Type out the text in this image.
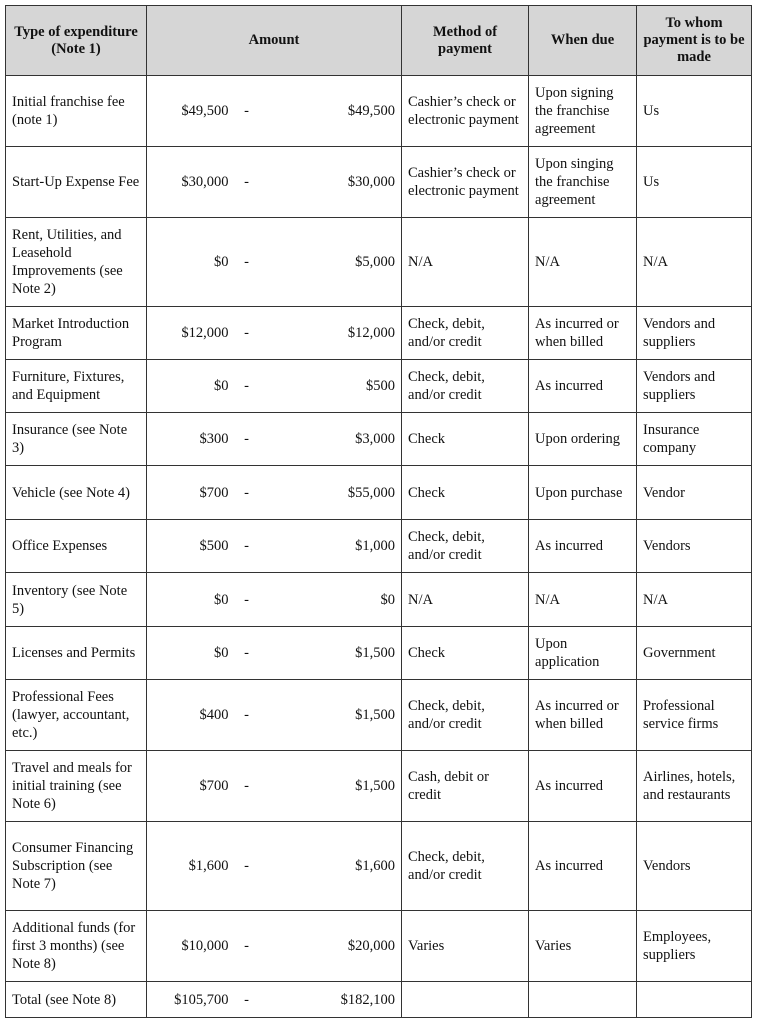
Type of expenditure (Note 1)	Amount			Method of payment	When due	To whom payment is to be made
Initial franchise fee (note 1)	$49,500	-	$49,500	Cashier’s check or electronic payment	Upon signing the franchise agreement	Us
Start-Up Expense Fee	$30,000	-	$30,000	Cashier’s check or electronic payment	Upon singing the franchise agreement	Us
Rent, Utilities, and Leasehold Improvements (see Note 2)	$0	-	$5,000	N/A	N/A	N/A
Market Introduction Program	$12,000	-	$12,000	Check, debit, and/or credit	As incurred or when billed	Vendors and suppliers
Furniture, Fixtures, and Equipment	$0	-	$500	Check, debit, and/or credit	As incurred	Vendors and suppliers
Insurance (see Note 3)	$300	-	$3,000	Check	Upon ordering	Insurance company
Vehicle (see Note 4)	$700	-	$55,000	Check	Upon purchase	Vendor
Office Expenses	$500	-	$1,000	Check, debit, and/or credit	As incurred	Vendors
Inventory (see Note 5)	$0	-	$0	N/A	N/A	N/A
Licenses and Permits	$0	-	$1,500	Check	Upon application	Government
Professional Fees (lawyer, accountant, etc.)	$400	-	$1,500	Check, debit, and/or credit	As incurred or when billed	Professional service firms
Travel and meals for initial training (see Note 6)	$700	-	$1,500	Cash, debit or credit	As incurred	Airlines, hotels, and restaurants
Consumer Financing Subscription (see Note 7)	$1,600	-	$1,600	Check, debit, and/or credit	As incurred	Vendors
Additional funds (for first 3 months) (see Note 8)	$10,000	-	$20,000	Varies	Varies	Employees, suppliers
Total (see Note 8)	$105,700	-	$182,100			
